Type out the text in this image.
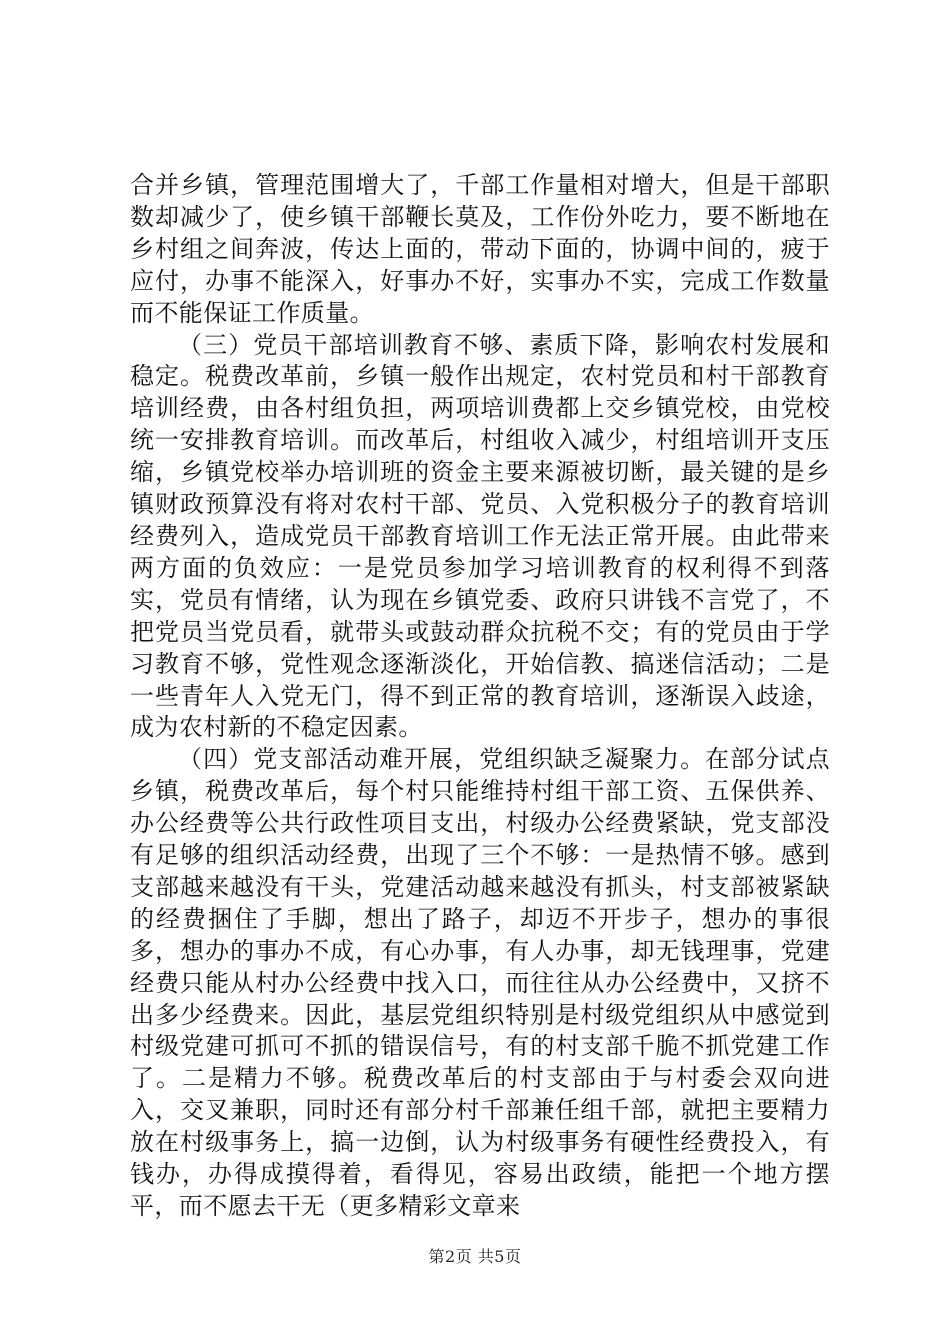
合并乡镇，管理范围增大了，千部工作量相对增大，但是干部职数却减少了，使乡镇干部鞭长莫及，工作份外吃力，要不断地在乡村组之间奔波，传达上面的，带动下面的，协调中间的，疲于应付，办事不能深入，好事办不好，实事办不实，完成工作数量而不能保证工作质量。

（三）党员干部培训教育不够、素质下降，影响农村发展和稳定。税费改革前，乡镇一般作出规定，农村党员和村干部教育培训经费，由各村组负担，两项培训费都上交乡镇党校，由党校统一安排教育培训。而改革后，村组收入减少，村组培训开支压缩，乡镇党校举办培训班的资金主要来源被切断，最关键的是乡镇财政预算没有将对农村干部、党员、入党积极分子的教育培训经费列入，造成党员干部教育培训工作无法正常开展。由此带来两方面的负效应：一是党员参加学习培训教育的权利得不到落实，党员有情绪，认为现在乡镇党委、政府只讲钱不言党了，不把党员当党员看，就带头或鼓动群众抗税不交；有的党员由于学习教育不够，党性观念逐渐淡化，开始信教、搞迷信活动；二是一些青年人入党无门，得不到正常的教育培训，逐渐误入歧途，成为农村新的不稳定因素。

（四）党支部活动难开展，党组织缺乏凝聚力。在部分试点乡镇，税费改革后，每个村只能维持村组干部工资、五保供养、办公经费等公共行政性项目支出，村级办公经费紧缺，党支部没有足够的组织活动经费，出现了三个不够：一是热情不够。感到支部越来越没有干头，党建活动越来越没有抓头，村支部被紧缺的经费捆住了手脚，想出了路子，却迈不开步子，想办的事很多，想办的事办不成，有心办事，有人办事，却无钱理事，党建经费只能从村办公经费中找入口，而往往从办公经费中，又挤不出多少经费来。因此，基层党组织特别是村级党组织从中感觉到村级党建可抓可不抓的错误信号，有的村支部千脆不抓党建工作了。二是精力不够。税费改革后的村支部由于与村委会双向进入，交叉兼职，同时还有部分村千部兼任组千部，就把主要精力放在村级事务上，搞一边倒，认为村级事务有硬性经费投入，有钱办，办得成摸得着，看得见，容易出政绩，能把一个地方摆平，而不愿去干无（更多精彩文章来

第2页 共5页
